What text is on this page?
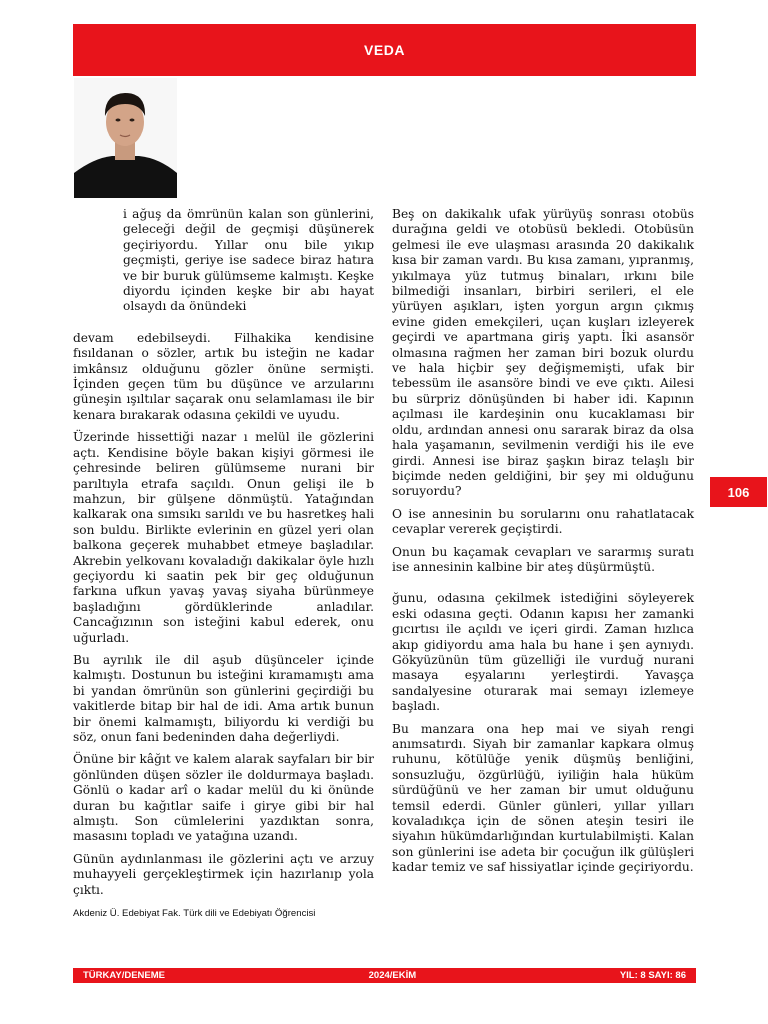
VEDA

i ağuş da ömrünün kalan son günlerini, geleceği değil de geçmişi düşünerek geçiriyordu. Yıllar onu bile yıkıp geçmişti, geriye ise sadece biraz hatıra ve bir buruk gülümseme kalmıştı. Keşke diyordu içinden keşke bir abı hayat olsaydı da önündeki

devam edebilseydi. Filhakika kendisine fısıldanan o sözler, artık bu isteğin ne kadar imkânsız olduğunu gözler önüne sermişti. İçinden geçen tüm bu düşünce ve arzularını güneşin ışıltılar saçarak onu selamlaması ile bir kenara bırakarak odasına çekildi ve uyudu.

Üzerinde hissettiği nazar ı melül ile gözlerini açtı. Kendisine böyle bakan kişiyi görmesi ile çehresinde beliren gülümseme nurani bir parıltıyla etrafa saçıldı. Onun gelişi ile b mahzun, bir gülşene dönmüştü. Yatağından kalkarak ona sımsıkı sarıldı ve bu hasretkeş hali son buldu. Birlikte evlerinin en güzel yeri olan balkona geçerek muhabbet etmeye başladılar. Akrebin yelkovanı kovaladığı dakikalar öyle hızlı geçiyordu ki saatin pek bir geç olduğunun farkına ufkun yavaş yavaş siyaha bürünmeye başladığını gördüklerinde anladılar. Cancağızının son isteğini kabul ederek, onu uğurladı.

Bu ayrılık ile dil aşub düşünceler içinde kalmıştı. Dostunun bu isteğini kıramamıştı ama bi yandan ömrünün son günlerini geçirdiği bu vakitlerde bitap bir hal de idi. Ama artık bunun bir önemi kalmamıştı, biliyordu ki verdiği bu söz, onun fani bedeninden daha değerliydi.

Önüne bir kâğıt ve kalem alarak sayfaları bir bir gönlünden düşen sözler ile doldurmaya başladı. Gönlü o kadar arî o kadar melül du ki önünde duran bu kağıtlar saife i girye gibi bir hal almıştı. Son cümlelerini yazdıktan sonra, masasını topladı ve yatağına uzandı.

Günün aydınlanması ile gözlerini açtı ve arzuy muhayyeli gerçekleştirmek için hazırlanıp yola çıktı.

Akdeniz Ü. Edebiyat Fak. Türk dili ve Edebiyatı Öğrencisi

Beş on dakikalık ufak yürüyüş sonrası otobüs durağına geldi ve otobüsü bekledi. Otobüsün gelmesi ile eve ulaşması arasında 20 dakikalık kısa bir zaman vardı. Bu kısa zamanı, yıpranmış, yıkılmaya yüz tutmuş binaları, ırkını bile bilmediği insanları, birbiri serileri, el ele yürüyen aşıkları, işten yorgun argın çıkmış evine giden emekçileri, uçan kuşları izleyerek geçirdi ve apartmana giriş yaptı. İki asansör olmasına rağmen her zaman biri bozuk olurdu ve hala hiçbir şey değişmemişti, ufak bir tebessüm ile asansöre bindi ve eve çıktı. Ailesi bu sürpriz dönüşünden bi haber idi. Kapının açılması ile kardeşinin onu kucaklaması bir oldu, ardından annesi onu sararak biraz da olsa hala yaşamanın, sevilmenin verdiği his ile eve girdi. Annesi ise biraz şaşkın biraz telaşlı bir biçimde neden geldiğini, bir şey mi olduğunu soruyordu?

O ise annesinin bu sorularını onu rahatlatacak cevaplar vererek geçiştirdi.

Onun bu kaçamak cevapları ve sararmış suratı ise annesinin kalbine bir ateş düşürmüştü.

ğunu, odasına çekilmek istediğini söyleyerek eski odasına geçti. Odanın kapısı her zamanki gıcırtısı ile açıldı ve içeri girdi. Zaman hızlıca akıp gidiyordu ama hala bu hane i şen aynıydı. Gökyüzünün tüm güzelliği ile vurduğ nurani masaya eşyalarını yerleştirdi. Yavaşça sandalyesine oturarak mai semayı izlemeye başladı.

Bu manzara ona hep mai ve siyah rengi anımsatırdı. Siyah bir zamanlar kapkara olmuş ruhunu, kötülüğe yenik düşmüş benliğini, sonsuzluğu, özgürlüğü, iyiliğin hala hüküm sürdüğünü ve her zaman bir umut olduğunu temsil ederdi. Günler günleri, yıllar yılları kovaladıkça için de sönen ateşin tesiri ile siyahın hükümdarlığından kurtulabilmişti. Kalan son günlerini ise adeta bir çocuğun ilk gülüşleri kadar temiz ve saf hissiyatlar içinde geçiriyordu.

106
TÜRKAY/DENEME	2024/EKİM	YIL: 8 SAYI: 86
